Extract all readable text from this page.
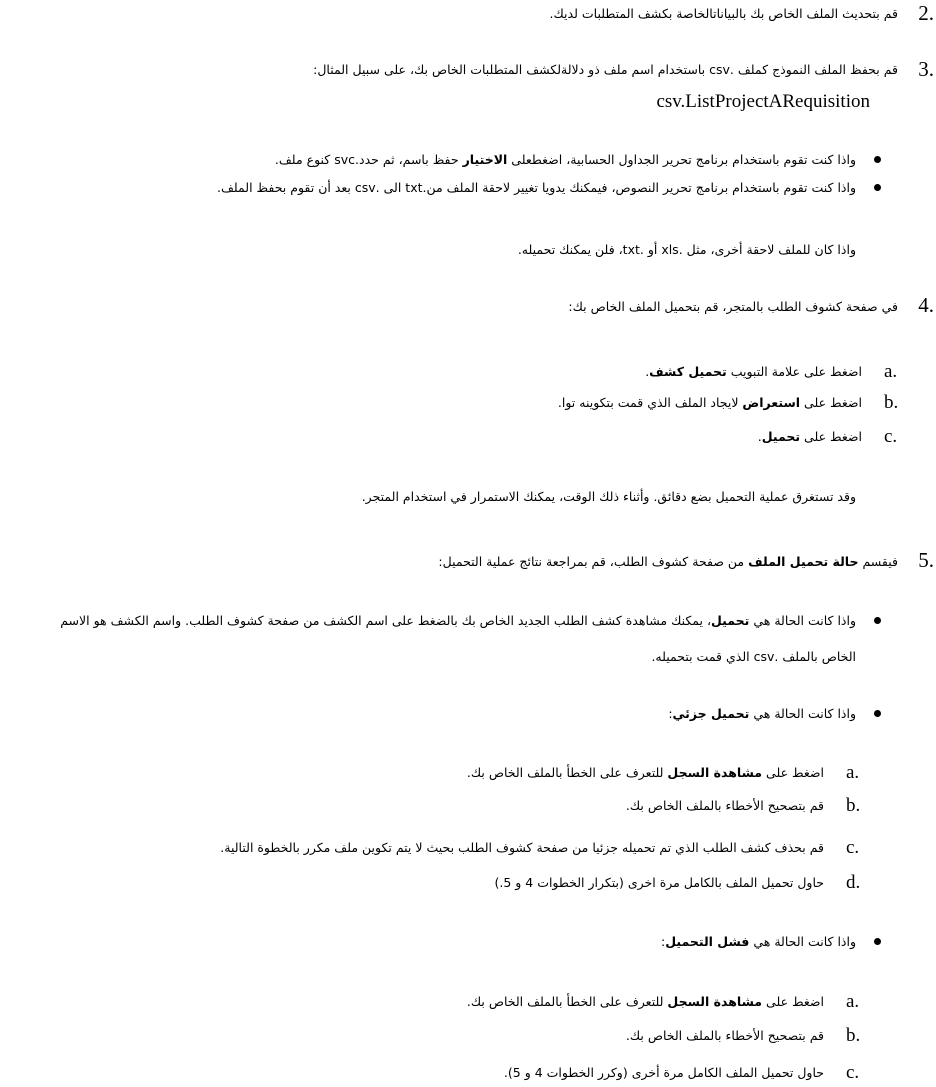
2.
قم بتحديث الملف الخاص بك بالبياناتالخاصة بكشف المتطلبات لديك.
3.
قم بحفظ الملف النموذج كملف .csv باستخدام اسم ملف ذو دلالةلكشف المتطلبات الخاص بك، على سبيل المثال:
csv.ListProjectARequisition
واذا كنت تقوم باستخدام برنامج تحرير الجداول الحسابية، اضغطعلى الاختيار حفظ باسم، ثم حدد.svc كنوع ملف.
واذا كنت تقوم باستخدام برنامج تحرير النصوص، فيمكنك يدويا تغيير لاحقة الملف من.txt الى .csv بعد أن تقوم بحفظ الملف.
واذا كان للملف لاحقة أخرى، مثل .xls أو .txt، فلن يمكنك تحميله.
4.
في صفحة كشوف الطلب بالمتجر، قم بتحميل الملف الخاص بك:
a.
اضغط على علامة التبويب تحميل كشف.
b.
اضغط على استعراض لايجاد الملف الذي قمت بتكوينه توا.
c.
اضغط على تحميل.
وقد تستغرق عملية التحميل بضع دقائق. وأثناء ذلك الوقت، يمكنك الاستمرار في استخدام المتجر.
5.
فيقسم حالة تحميل الملف من صفحة كشوف الطلب، قم بمراجعة نتائج عملية التحميل:
واذا كانت الحالة هي تحميل، يمكنك مشاهدة كشف الطلب الجديد الخاص بك بالضغط على اسم الكشف من صفحة كشوف الطلب. واسم الكشف هو الاسم
الخاص بالملف .csv الذي قمت بتحميله.
واذا كانت الحالة هي تحميل جزئي:
a.
اضغط على مشاهدة السجل للتعرف على الخطأ بالملف الخاص بك.
b.
قم بتصحيح الأخطاء بالملف الخاص بك.
c.
قم بحذف كشف الطلب الذي تم تحميله جزئيا من صفحة كشوف الطلب بحيث لا يتم تكوين ملف مكرر بالخطوة التالية.
d.
حاول تحميل الملف بالكامل مرة اخرى (بتكرار الخطوات 4 و 5.)
واذا كانت الحالة هي فشل التحميل:
a.
اضغط على مشاهدة السجل للتعرف على الخطأ بالملف الخاص بك.
b.
قم بتصحيح الأخطاء بالملف الخاص بك.
c.
حاول تحميل الملف الكامل مرة أخرى (وكرر الخطوات 4 و 5).
